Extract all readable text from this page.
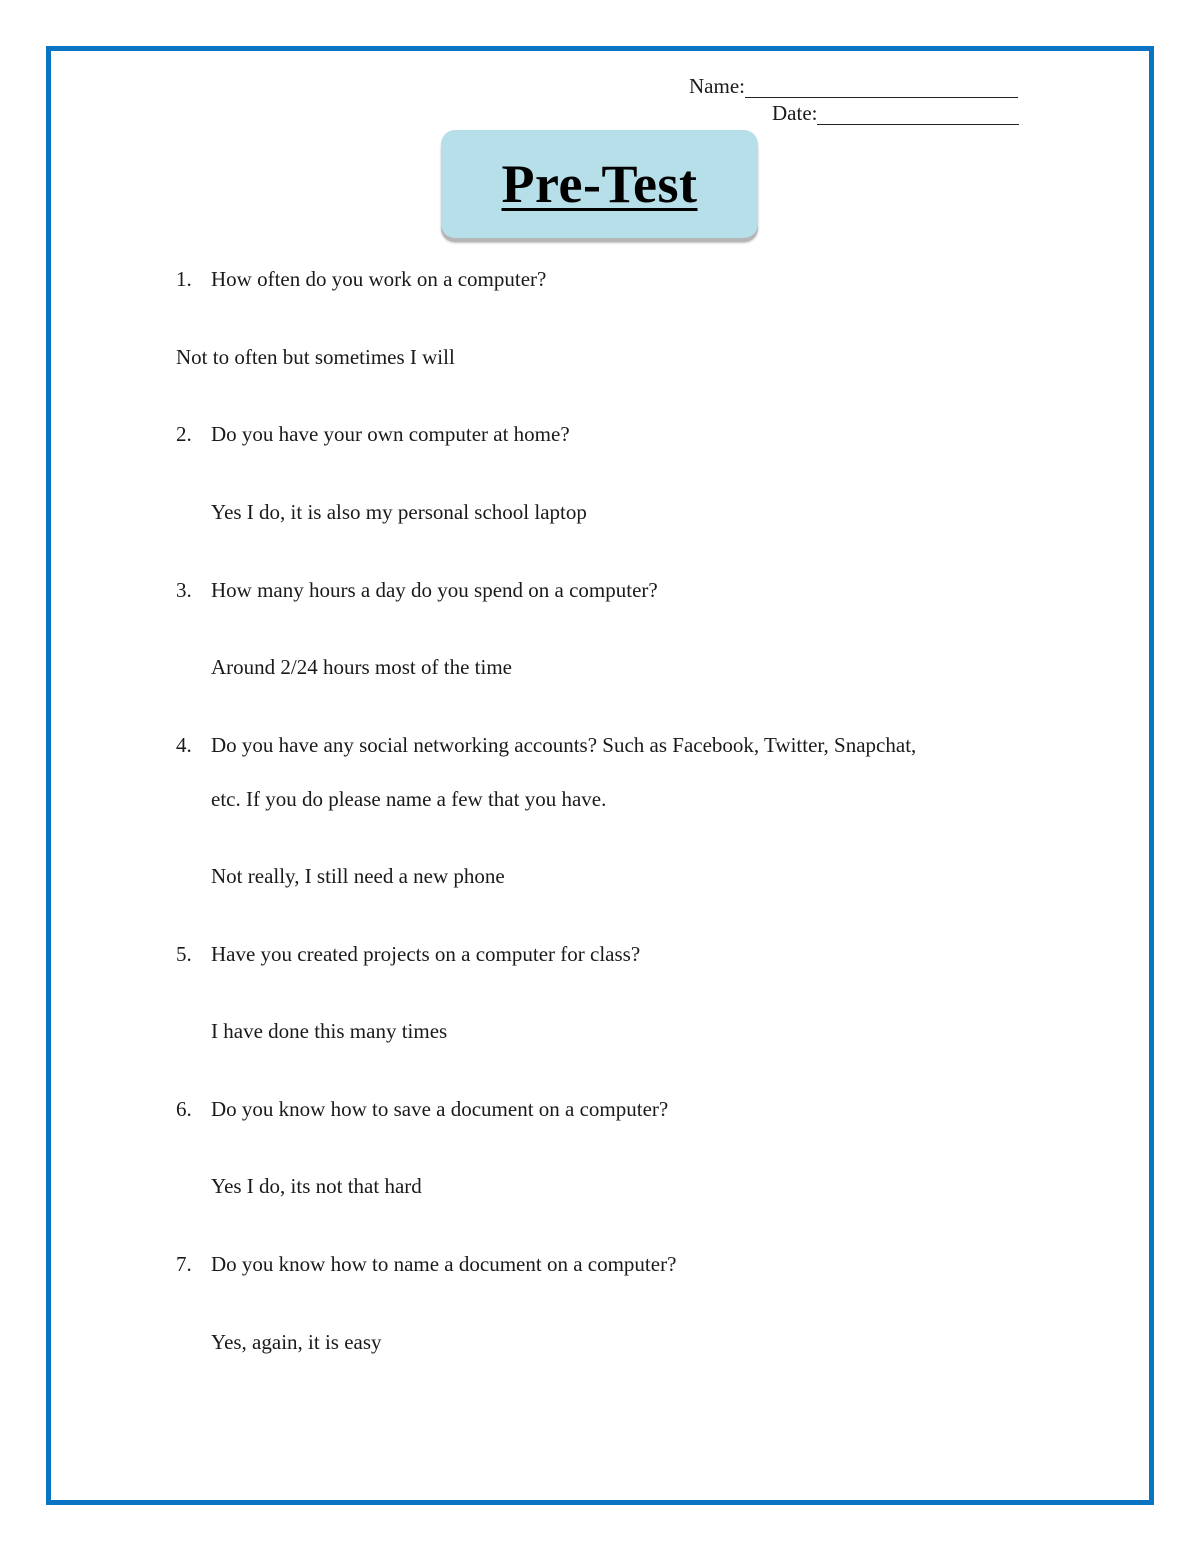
Name:
Date:
Pre-Test
1. How often do you work on a computer?
Not to often but sometimes I will
2. Do you have your own computer at home?
Yes I do, it is also my personal school laptop
3. How many hours a day do you spend on a computer?
Around 2/24 hours most of the time
4. Do you have any social networking accounts? Such as Facebook, Twitter, Snapchat,
etc. If you do please name a few that you have.
Not really, I still need a new phone
5. Have you created projects on a computer for class?
I have done this many times
6. Do you know how to save a document on a computer?
Yes I do, its not that hard
7. Do you know how to name a document on a computer?
Yes, again, it is easy
